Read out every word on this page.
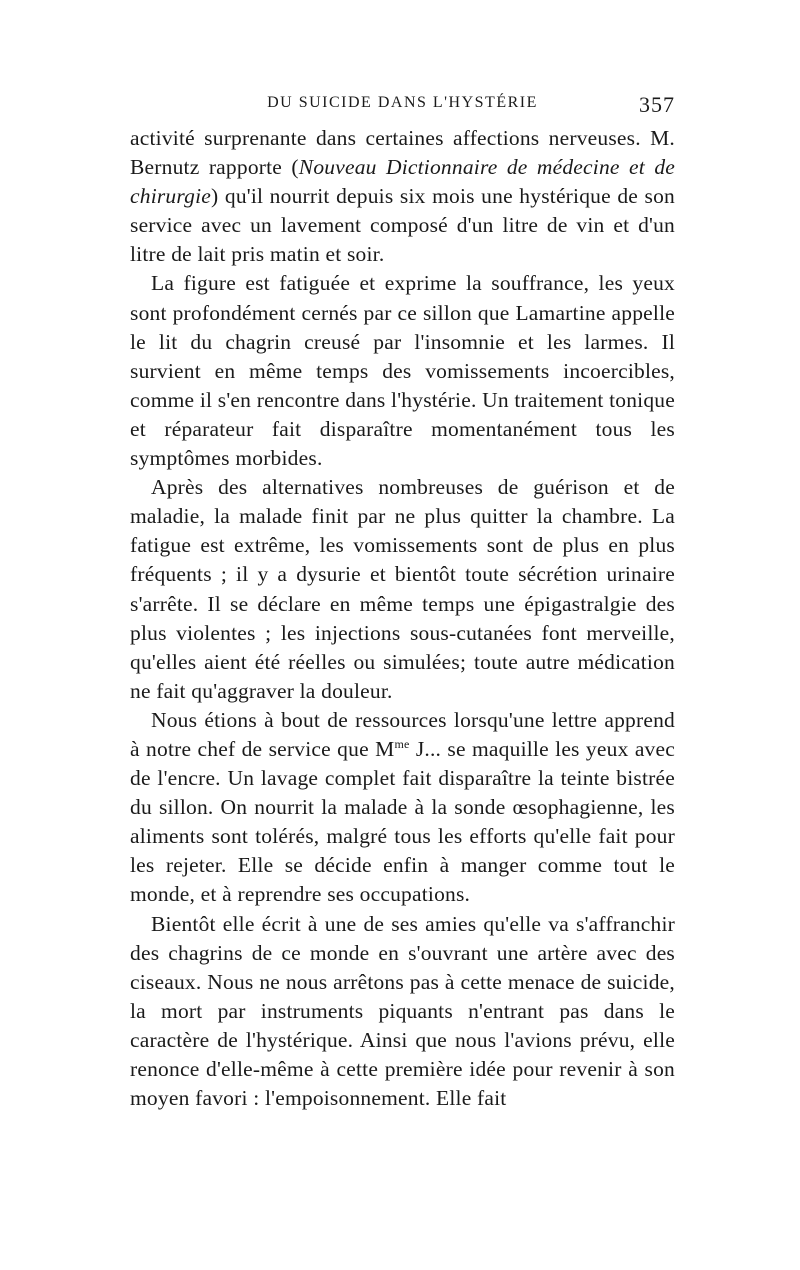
DU SUICIDE DANS L'HYSTÉRIE	357

activité surprenante dans certaines affections nerveuses. M. Bernutz rapporte (Nouveau Dictionnaire de médecine et de chirurgie) qu'il nourrit depuis six mois une hystérique de son service avec un lavement composé d'un litre de vin et d'un litre de lait pris matin et soir.

La figure est fatiguée et exprime la souffrance, les yeux sont profondément cernés par ce sillon que Lamartine appelle le lit du chagrin creusé par l'insomnie et les larmes. Il survient en même temps des vomissements incoercibles, comme il s'en rencontre dans l'hystérie. Un traitement tonique et réparateur fait disparaître momentanément tous les symptômes morbides.

Après des alternatives nombreuses de guérison et de maladie, la malade finit par ne plus quitter la chambre. La fatigue est extrême, les vomissements sont de plus en plus fréquents ; il y a dysurie et bientôt toute sécrétion urinaire s'arrête. Il se déclare en même temps une épigastralgie des plus violentes ; les injections sous-cutanées font merveille, qu'elles aient été réelles ou simulées; toute autre médication ne fait qu'aggraver la douleur.

Nous étions à bout de ressources lorsqu'une lettre apprend à notre chef de service que $M^{me}$ J... se maquille les yeux avec de l'encre. Un lavage complet fait disparaître la teinte bistrée du sillon. On nourrit la malade à la sonde œsophagienne, les aliments sont tolérés, malgré tous les efforts qu'elle fait pour les rejeter. Elle se décide enfin à manger comme tout le monde, et à reprendre ses occupations.

Bientôt elle écrit à une de ses amies qu'elle va s'affranchir des chagrins de ce monde en s'ouvrant une artère avec des ciseaux. Nous ne nous arrêtons pas à cette menace de suicide, la mort par instruments piquants n'entrant pas dans le caractère de l'hystérique. Ainsi que nous l'avions prévu, elle renonce d'elle-même à cette première idée pour revenir à son moyen favori : l'empoisonnement. Elle fait
